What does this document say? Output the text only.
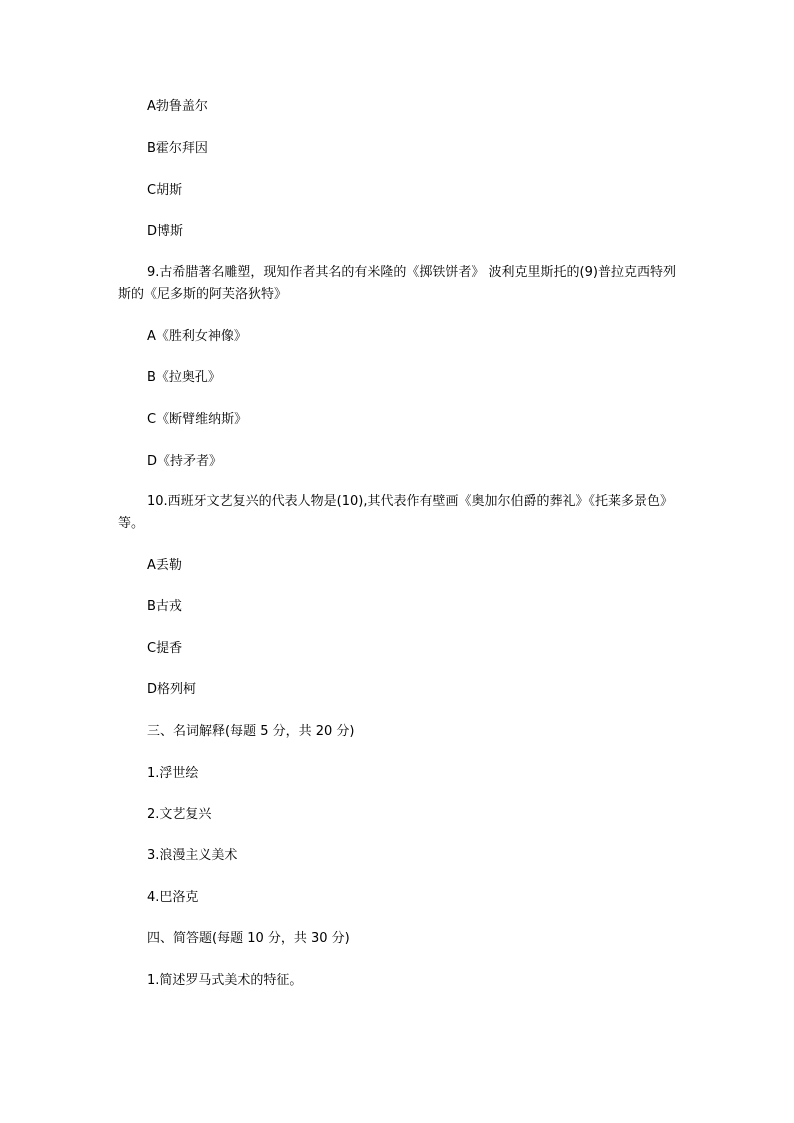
A勃鲁盖尔
B霍尔拜因
C胡斯
D博斯
9.古希腊著名雕塑，现知作者其名的有米隆的《掷铁饼者》 波利克里斯托的(9)普拉克西特列斯的《尼多斯的阿芙洛狄特》
A《胜利女神像》
B《拉奥孔》
C《断臂维纳斯》
D《持矛者》
10.西班牙文艺复兴的代表人物是(10),其代表作有壁画《奥加尔伯爵的葬礼》《托莱多景色》等。
A丢勒
B古戎
C提香
D格列柯
三、名词解释(每题 5 分，共 20 分)
1.浮世绘
2.文艺复兴
3.浪漫主义美术
4.巴洛克
四、简答题(每题 10 分，共 30 分)
1.简述罗马式美术的特征。
